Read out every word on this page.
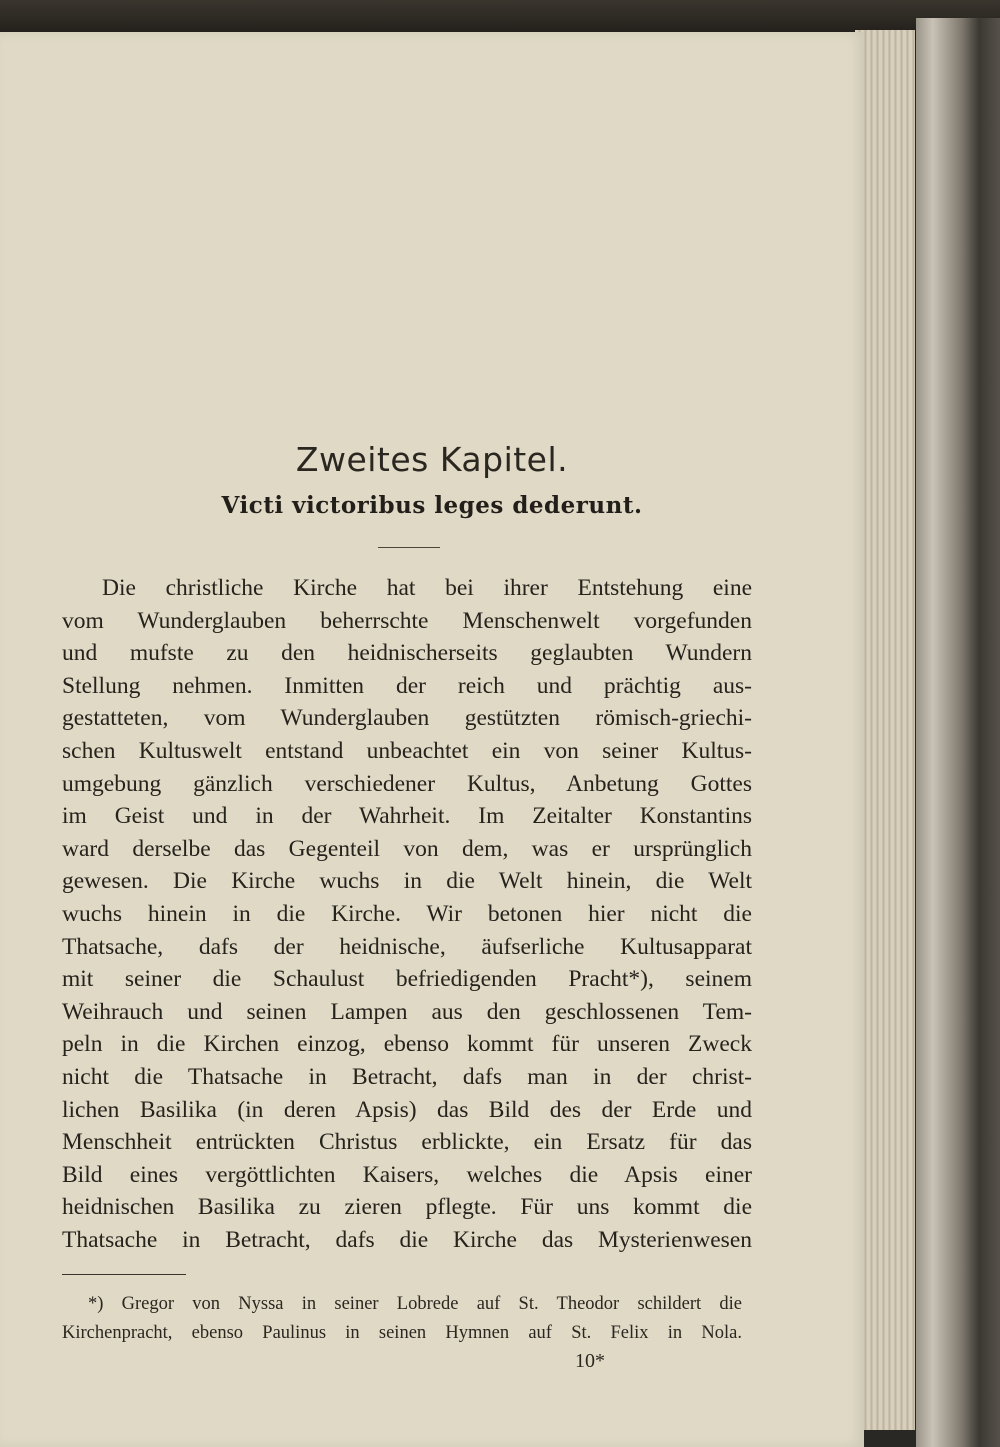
Zweites Kapitel.
Victi victoribus leges dederunt.
Die christliche Kirche hat bei ihrer Entstehung eine
vom Wunderglauben beherrschte Menschenwelt vorgefunden
und mufste zu den heidnischerseits geglaubten Wundern
Stellung nehmen. Inmitten der reich und prächtig aus-
gestatteten, vom Wunderglauben gestützten römisch-griechi-
schen Kultuswelt entstand unbeachtet ein von seiner Kultus-
umgebung gänzlich verschiedener Kultus, Anbetung Gottes
im Geist und in der Wahrheit. Im Zeitalter Konstantins
ward derselbe das Gegenteil von dem, was er ursprünglich
gewesen. Die Kirche wuchs in die Welt hinein, die Welt
wuchs hinein in die Kirche. Wir betonen hier nicht die
Thatsache, dafs der heidnische, äufserliche Kultusapparat
mit seiner die Schaulust befriedigenden Pracht*), seinem
Weihrauch und seinen Lampen aus den geschlossenen Tem-
peln in die Kirchen einzog, ebenso kommt für unseren Zweck
nicht die Thatsache in Betracht, dafs man in der christ-
lichen Basilika (in deren Apsis) das Bild des der Erde und
Menschheit entrückten Christus erblickte, ein Ersatz für das
Bild eines vergöttlichten Kaisers, welches die Apsis einer
heidnischen Basilika zu zieren pflegte. Für uns kommt die
Thatsache in Betracht, dafs die Kirche das Mysterienwesen
*) Gregor von Nyssa in seiner Lobrede auf St. Theodor schildert die
Kirchenpracht, ebenso Paulinus in seinen Hymnen auf St. Felix in Nola.
10*
